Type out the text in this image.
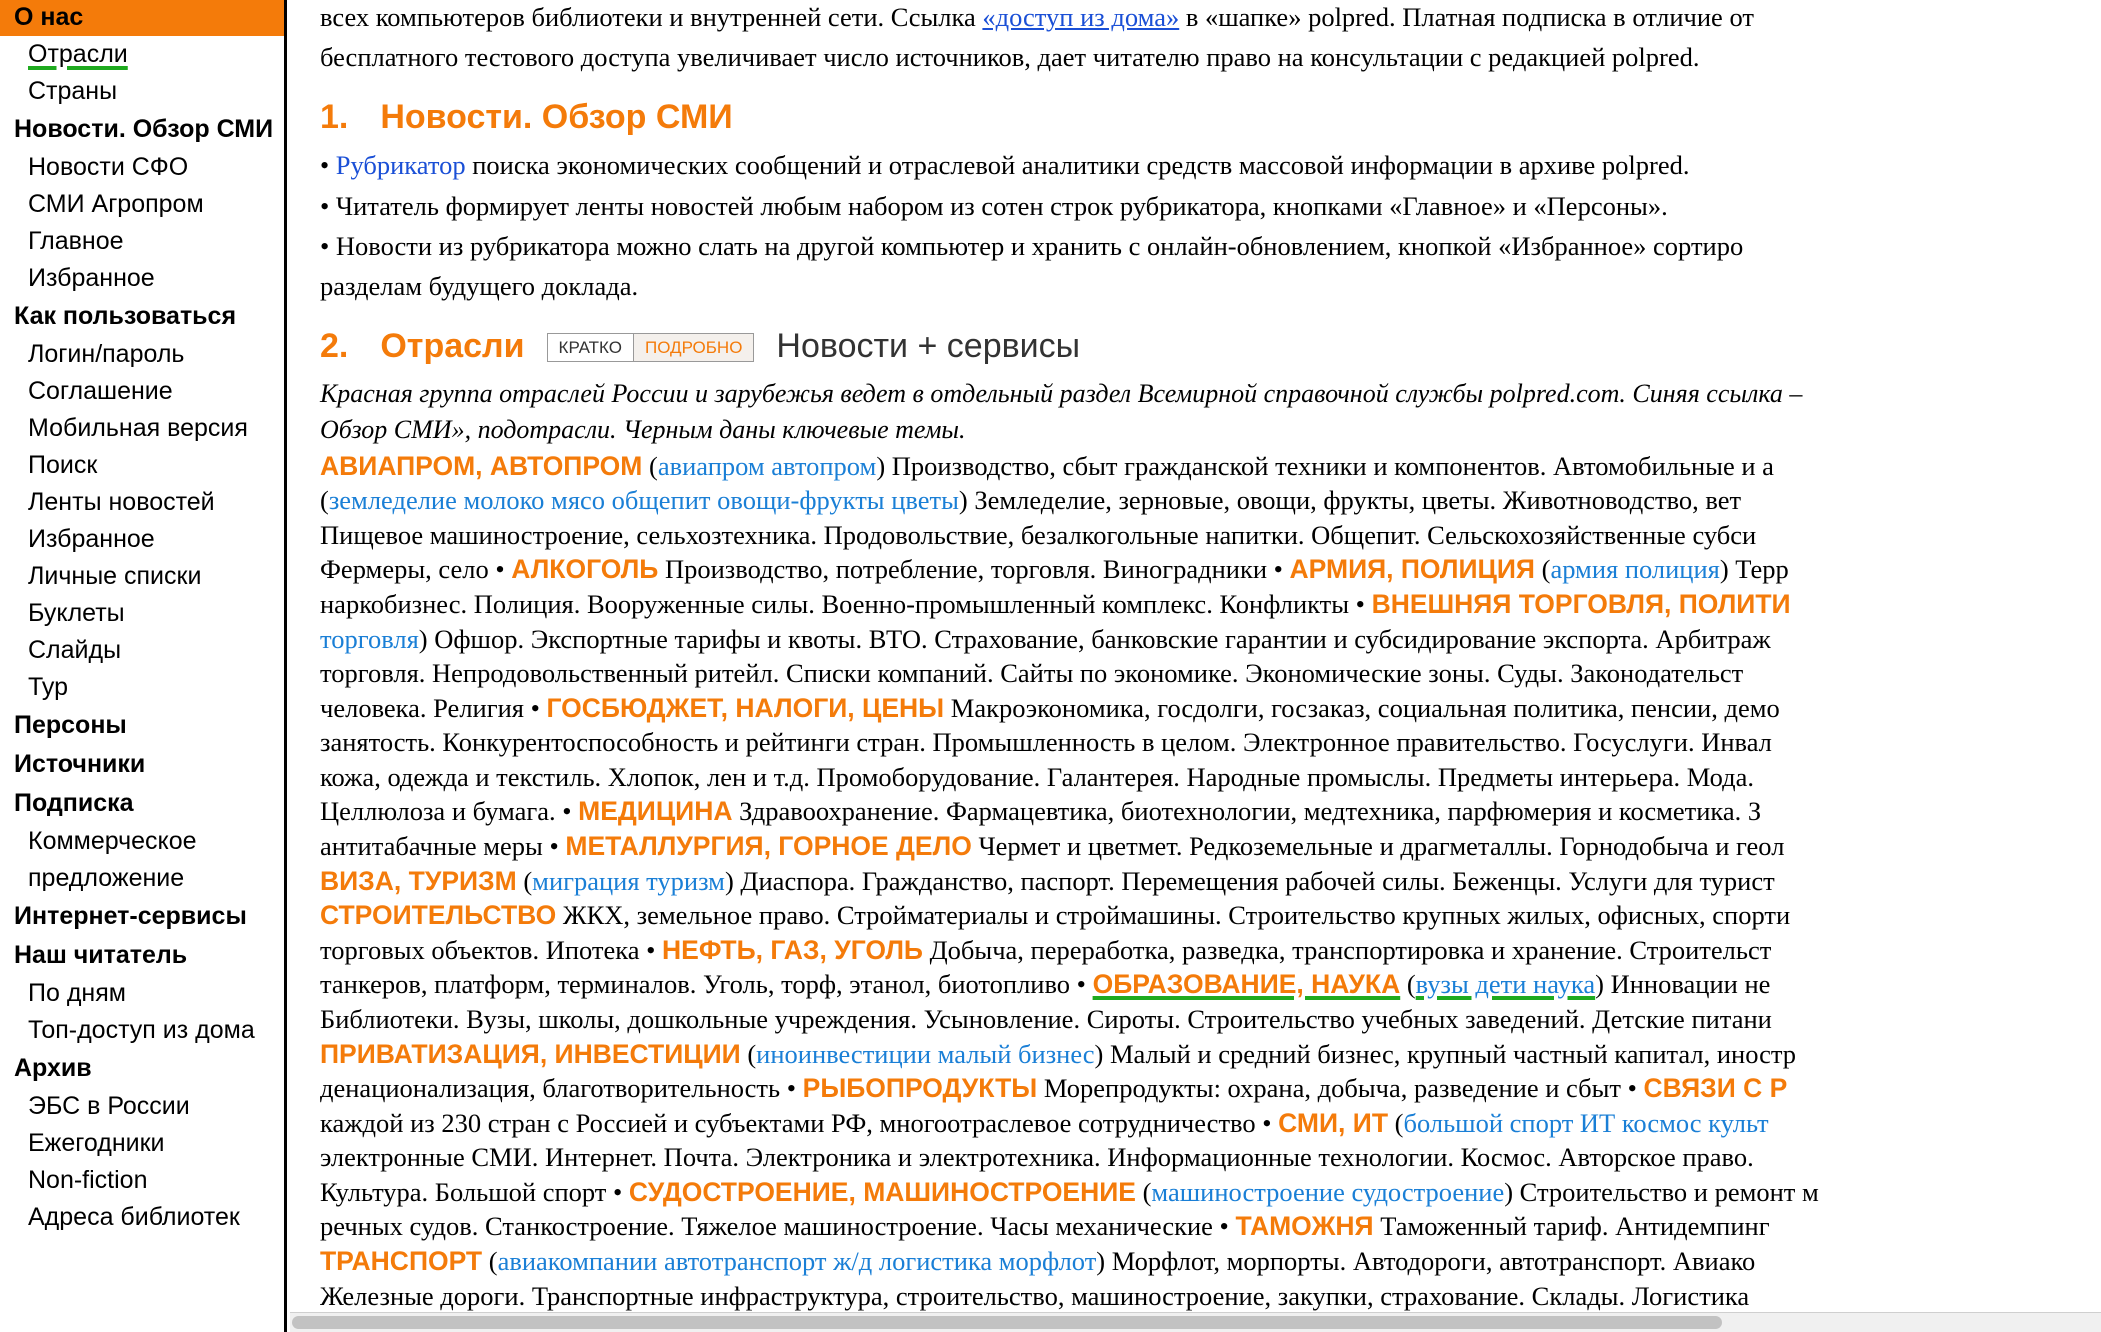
О нас
Отрасли
Страны
Новости. Обзор СМИ
Новости СФО
СМИ Агропром
Главное
Избранное
Как пользоваться
Логин/пароль
Соглашение
Мобильная версия
Поиск
Ленты новостей
Избранное
Личные списки
Буклеты
Слайды
Тур
Персоны
Источники
Подписка
Коммерческое
предложение
Интернет-сервисы
Наш читатель
По дням
Топ-доступ из дома
Архив
ЭБС в России
Ежегодники
Non-fiction
Адреса библиотек
всех компьютеров библиотеки и внутренней сети. Ссылка «доступ из дома» в «шапке» polpred. Платная подписка в отличие от
бесплатного тестового доступа увеличивает число источников, дает читателю право на консультации с редакцией polpred.
1. Новости. Обзор СМИ
• Рубрикатор поиска экономических сообщений и отраслевой аналитики средств массовой информации в архиве polpred.
• Читатель формирует ленты новостей любым набором из сотен строк рубрикатора, кнопками «Главное» и «Персоны».
• Новости из рубрикатора можно слать на другой компьютер и хранить с онлайн-обновлением, кнопкой «Избранное» сортиро
разделам будущего доклада.
2. Отрасли	КРАТКО	ПОДРОБНО	Новости + сервисы
Красная группа отраслей России и зарубежья ведет в отдельный раздел Всемирной справочной службы polpred.com. Синяя ссылка –
Обзор СМИ», подотрасли. Черным даны ключевые темы.
АВИАПРОМ, АВТОПРОМ (авиапром автопром) Производство, сбыт гражданской техники и компонентов. Автомобильные и а
(земледелие молоко мясо общепит овощи-фрукты цветы) Земледелие, зерновые, овощи, фрукты, цветы. Животноводство, вет
Пищевое машиностроение, сельхозтехника. Продовольствие, безалкогольные напитки. Общепит. Сельскохозяйственные субси
Фермеры, село • АЛКОГОЛЬ Производство, потребление, торговля. Виноградники • АРМИЯ, ПОЛИЦИЯ (армия полиция) Терр
наркобизнес. Полиция. Вооруженные силы. Военно-промышленный комплекс. Конфликты • ВНЕШНЯЯ ТОРГОВЛЯ, ПОЛИТИ
торговля) Офшор. Экспортные тарифы и квоты. ВТО. Страхование, банковские гарантии и субсидирование экспорта. Арбитраж
торговля. Непродовольственный ритейл. Списки компаний. Сайты по экономике. Экономические зоны. Суды. Законодательст
человека. Религия • ГОСБЮДЖЕТ, НАЛОГИ, ЦЕНЫ Макроэкономика, госдолги, госзаказ, социальная политика, пенсии, демо
занятость. Конкурентоспособность и рейтинги стран. Промышленность в целом. Электронное правительство. Госуслуги. Инвал
кожа, одежда и текстиль. Хлопок, лен и т.д. Промоборудование. Галантерея. Народные промыслы. Предметы интерьера. Мода.
Целлюлоза и бумага. • МЕДИЦИНА Здравоохранение. Фармацевтика, биотехнологии, медтехника, парфюмерия и косметика. З
антитабачные меры • МЕТАЛЛУРГИЯ, ГОРНОЕ ДЕЛО Чермет и цветмет. Редкоземельные и драгметаллы. Горнодобыча и геол
ВИЗА, ТУРИЗМ (миграция туризм) Диаспора. Гражданство, паспорт. Перемещения рабочей силы. Беженцы. Услуги для турист
СТРОИТЕЛЬСТВО ЖКХ, земельное право. Стройматериалы и строймашины. Строительство крупных жилых, офисных, спорти
торговых объектов. Ипотека • НЕФТЬ, ГАЗ, УГОЛЬ Добыча, переработка, разведка, транспортировка и хранение. Строительст
танкеров, платформ, терминалов. Уголь, торф, этанол, биотопливо • ОБРАЗОВАНИЕ, НАУКА (вузы дети наука) Инновации не
Библиотеки. Вузы, школы, дошкольные учреждения. Усыновление. Сироты. Строительство учебных заведений. Детские питани
ПРИВАТИЗАЦИЯ, ИНВЕСТИЦИИ (иноинвестиции малый бизнес) Малый и средний бизнес, крупный частный капитал, иностр
денационализация, благотворительность • РЫБОПРОДУКТЫ Морепродукты: охрана, добыча, разведение и сбыт • СВЯЗИ С Р
каждой из 230 стран с Россией и субъектами РФ, многоотраслевое сотрудничество • СМИ, ИТ (большой спорт ИТ космос культ
электронные СМИ. Интернет. Почта. Электроника и электротехника. Информационные технологии. Космос. Авторское право.
Культура. Большой спорт • СУДОСТРОЕНИЕ, МАШИНОСТРОЕНИЕ (машиностроение судостроение) Строительство и ремонт м
речных судов. Станкостроение. Тяжелое машиностроение. Часы механические • ТАМОЖНЯ Таможенный тариф. Антидемпинг
ТРАНСПОРТ (авиакомпании автотранспорт ж/д логистика морфлот) Морфлот, морпорты. Автодороги, автотранспорт. Авиако
Железные дороги. Транспортные инфраструктура, строительство, машиностроение, закупки, страхование. Склады. Логистика
